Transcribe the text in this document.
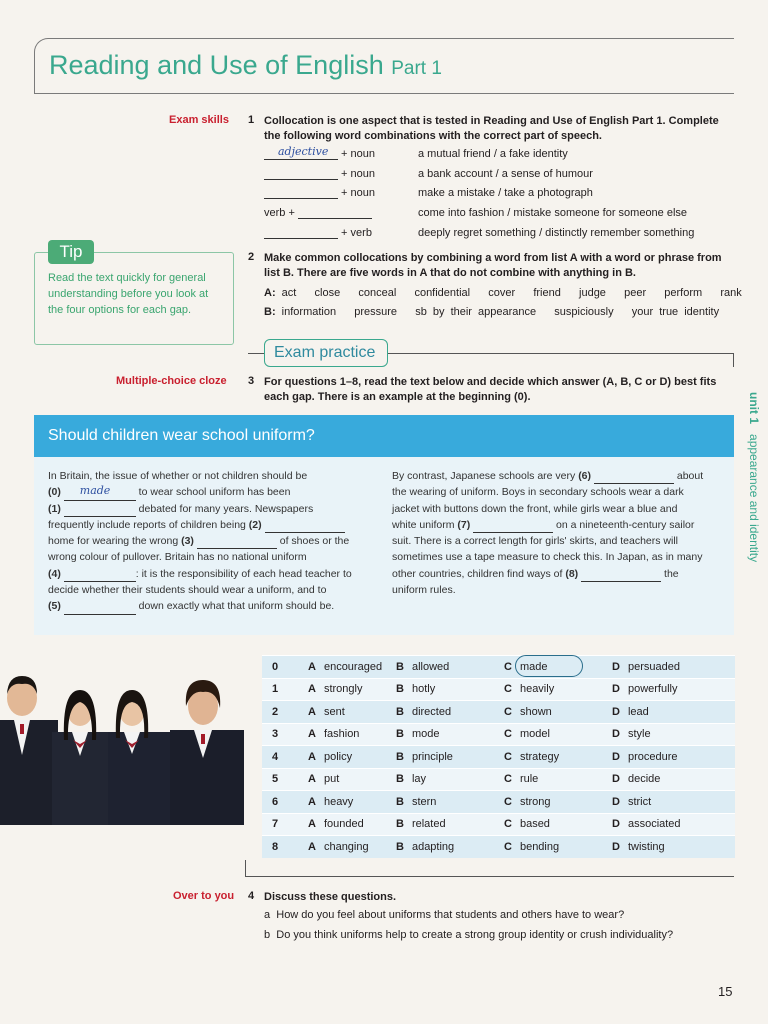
Reading and Use of English Part 1
unit 1   appearance and identity
Exam skills 1 Collocation is one aspect that is tested in Reading and Use of English Part 1. Complete the following word combinations with the correct part of speech.
adjective + noun	a mutual friend / a fake identity
+ noun	a bank account / a sense of humour
+ noun	make a mistake / take a photograph
verb +	come into fashion / mistake someone for someone else
+ verb	deeply regret something / distinctly remember something
Tip
Read the text quickly for general understanding before you look at the four options for each gap.
2 Make common collocations by combining a word from list A with a word or phrase from list B. There are five words in A that do not combine with anything in B.
A: act   close   conceal   confidential   cover   friend   judge   peer   perform   rank
B: information   pressure   sb by their appearance   suspiciously   your true identity
Exam practice
Multiple-choice cloze 3 For questions 1–8, read the text below and decide which answer (A, B, C or D) best fits each gap. There is an example at the beginning (0).
Should children wear school uniform?
In Britain, the issue of whether or not children should be
(0) made to wear school uniform has been
(1)	debated for many years. Newspapers
frequently include reports of children being (2)
home for wearing the wrong (3)	of shoes or the
wrong colour of pullover. Britain has no national uniform
(4)	: it is the responsibility of each head teacher to
decide whether their students should wear a uniform, and to
(5)	down exactly what that uniform should be.
By contrast, Japanese schools are very (6)	about
the wearing of uniform. Boys in secondary schools wear a dark
jacket with buttons down the front, while girls wear a blue and
white uniform (7)	on a nineteenth-century sailor
suit. There is a correct length for girls' skirts, and teachers will
sometimes use a tape measure to check this. In Japan, as in many
other countries, children find ways of (8)	the
uniform rules.
0	A encouraged	B allowed	C made	D persuaded
1	A strongly	B hotly	C heavily	D powerfully
2	A sent	B directed	C shown	D lead
3	A fashion	B mode	C model	D style
4	A policy	B principle	C strategy	D procedure
5	A put	B lay	C rule	D decide
6	A heavy	B stern	C strong	D strict
7	A founded	B related	C based	D associated
8	A changing	B adapting	C bending	D twisting
Over to you 4 Discuss these questions.
a How do you feel about uniforms that students and others have to wear?
b Do you think uniforms help to create a strong group identity or crush individuality?
15
